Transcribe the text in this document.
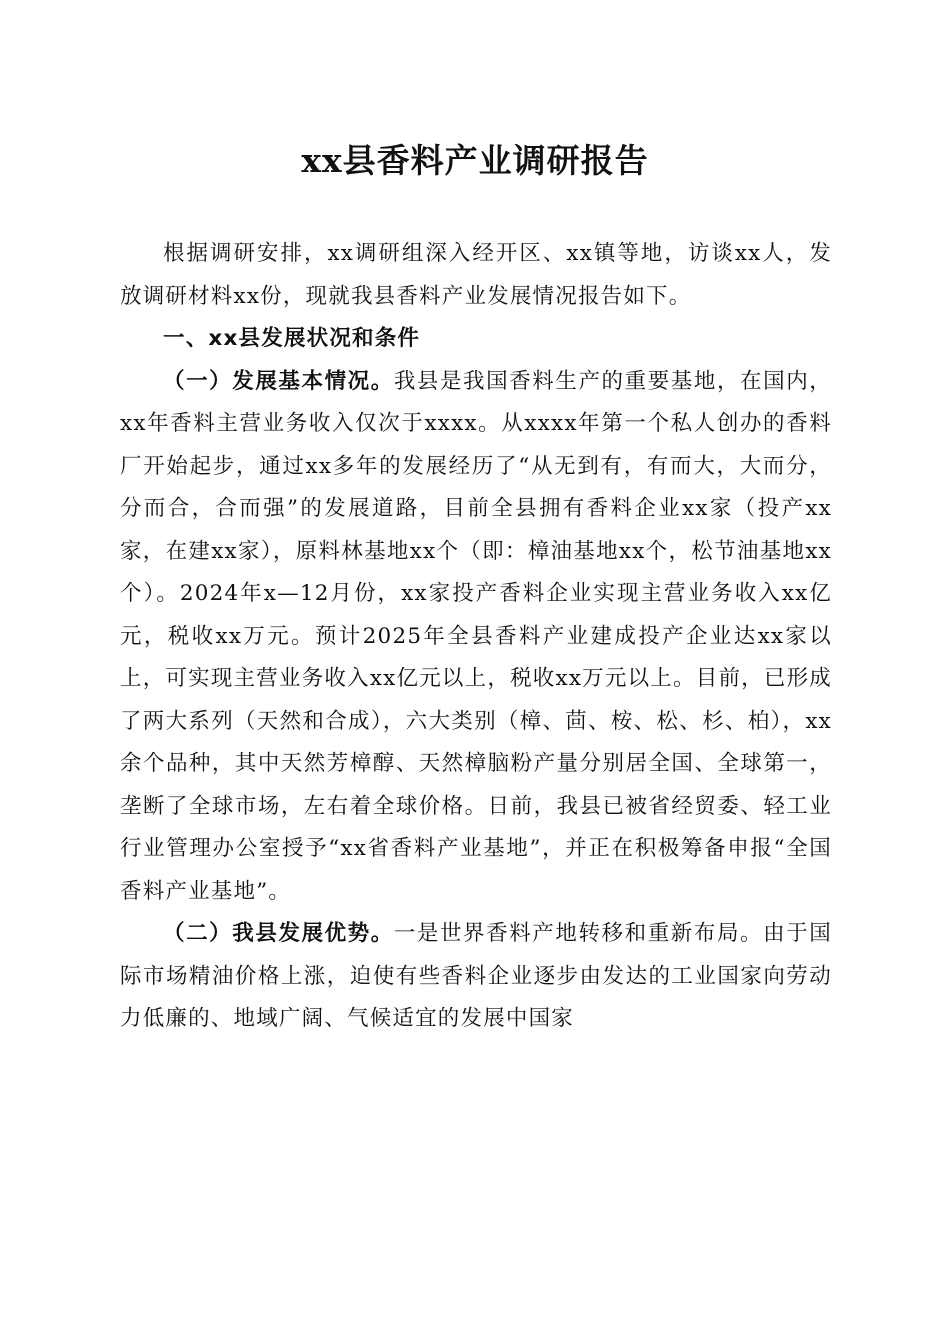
xx县香料产业调研报告

根据调研安排，xx调研组深入经开区、xx镇等地，访谈xx人，发放调研材料xx份，现就我县香料产业发展情况报告如下。

一、xx县发展状况和条件

（一）发展基本情况。我县是我国香料生产的重要基地，在国内，xx年香料主营业务收入仅次于xxxx。从xxxx年第一个私人创办的香料厂开始起步，通过xx多年的发展经历了“从无到有，有而大，大而分，分而合，合而强”的发展道路，目前全县拥有香料企业xx家（投产xx家，在建xx家），原料林基地xx个（即：樟油基地xx个，松节油基地xx个）。2024年x—12月份，xx家投产香料企业实现主营业务收入xx亿元，税收xx万元。预计2025年全县香料产业建成投产企业达xx家以上，可实现主营业务收入xx亿元以上，税收xx万元以上。目前，已形成了两大系列（天然和合成），六大类别（樟、茴、桉、松、杉、柏），xx余个品种，其中天然芳樟醇、天然樟脑粉产量分别居全国、全球第一，垄断了全球市场，左右着全球价格。日前，我县已被省经贸委、轻工业行业管理办公室授予“xx省香料产业基地”，并正在积极筹备申报“全国香料产业基地”。

（二）我县发展优势。一是世界香料产地转移和重新布局。由于国际市场精油价格上涨，迫使有些香料企业逐步由发达的工业国家向劳动力低廉的、地域广阔、气候适宜的发展中国家
